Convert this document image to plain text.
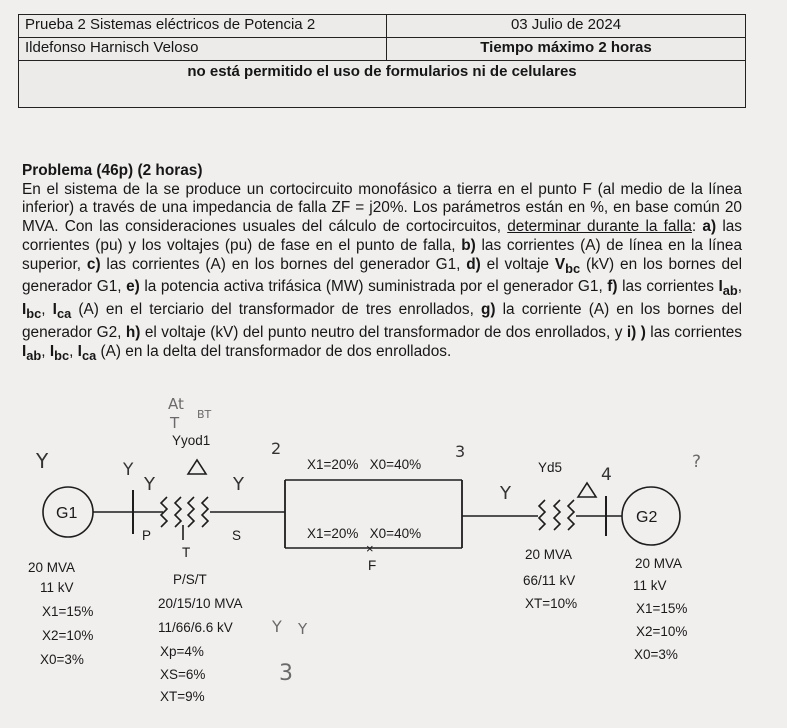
Prueba 2 Sistemas eléctricos de Potencia 2	03 Julio de 2024
Ildefonso Harnisch Veloso	Tiempo máximo 2 horas
no está permitido el uso de formularios ni de celulares

Problema (46p) (2 horas)

En el sistema de la se produce un cortocircuito monofásico a tierra en el punto F (al medio de la línea inferior) a través de una impedancia de falla ZF = j20%. Los parámetros están en %, en base común 20 MVA. Con las consideraciones usuales del cálculo de cortocircuitos, determinar durante la falla: a) las corrientes (pu) y los voltajes (pu) de fase en el punto de falla, b) las corrientes (A) de línea en la línea superior, c) las corrientes (A) en los bornes del generador G1, d) el voltaje $V_{bc}$ (kV) en los bornes del generador G1, e) la potencia activa trifásica (MW) suministrada por el generador G1, f) las corrientes $I_{ab}$, $I_{bc}$, $I_{ca}$ (A) en el terciario del transformador de tres enrollados, g) la corriente (A) en los bornes del generador G2, h) el voltaje (kV) del punto neutro del transformador de dos enrollados, y i) ) las corrientes $I_{ab}$, $I_{bc}$, $I_{ca}$ (A) en la delta del transformador de dos enrollados.

×
G1	G2
Yyod1
P	S
T
2	3
X1=20%   X0=40%
X1=20%   X0=40%
F
Yd5
20 MVA
11 kV
X1=15%
X2=10%
X0=3%
P/S/T
20/15/10 MVA
11/66/6.6 kV
Xp=4%
XS=6%
XT=9%
20 MVA
66/11 kV
XT=10%
20 MVA
11 kV
X1=15%
X2=10%
X0=3%
At
T BT
Y	Y
Y	Y	4
?
Y
Y Y
3
